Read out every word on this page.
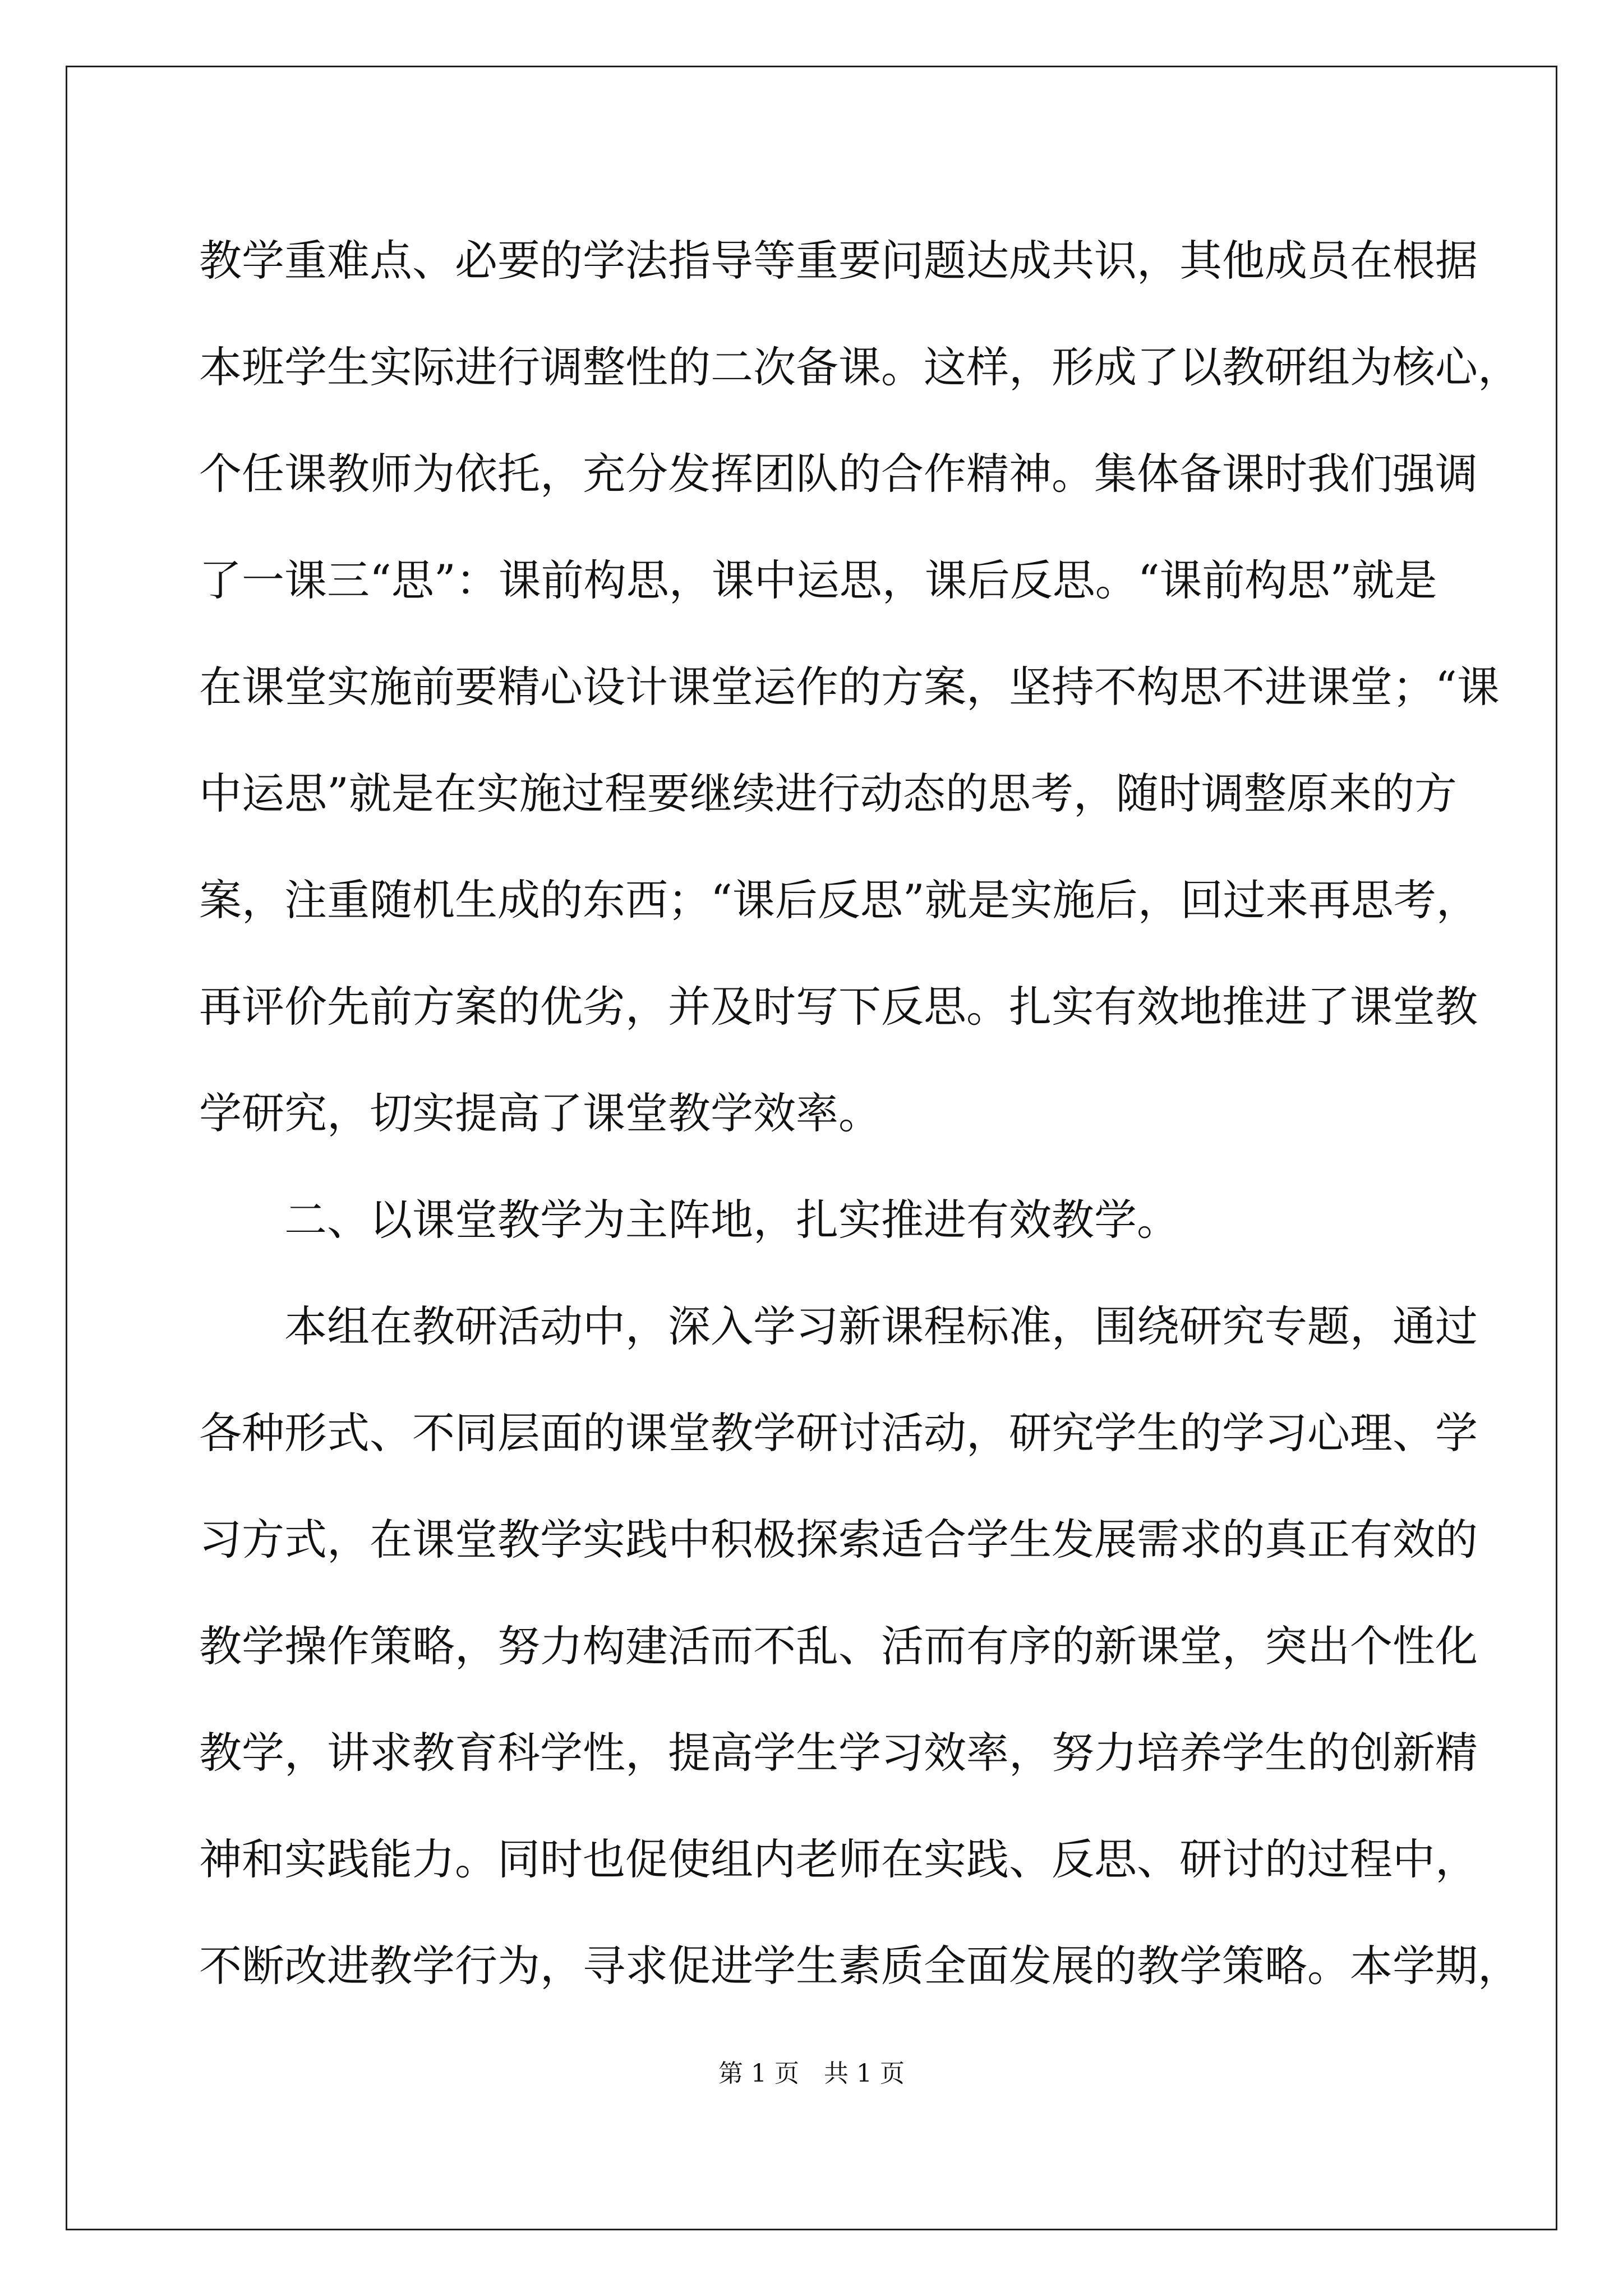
教学重难点、必要的学法指导等重要问题达成共识，其他成员在根据
本班学生实际进行调整性的二次备课。这样，形成了以教研组为核心，
个任课教师为依托，充分发挥团队的合作精神。集体备课时我们强调
了一课三“思”：课前构思，课中运思，课后反思。“课前构思”就是
在课堂实施前要精心设计课堂运作的方案，坚持不构思不进课堂；“课
中运思”就是在实施过程要继续进行动态的思考，随时调整原来的方
案，注重随机生成的东西；“课后反思”就是实施后，回过来再思考，
再评价先前方案的优劣，并及时写下反思。扎实有效地推进了课堂教
学研究，切实提高了课堂教学效率。
二、以课堂教学为主阵地，扎实推进有效教学。
本组在教研活动中，深入学习新课程标准，围绕研究专题，通过
各种形式、不同层面的课堂教学研讨活动，研究学生的学习心理、学
习方式，在课堂教学实践中积极探索适合学生发展需求的真正有效的
教学操作策略，努力构建活而不乱、活而有序的新课堂，突出个性化
教学，讲求教育科学性，提高学生学习效率，努力培养学生的创新精
神和实践能力。同时也促使组内老师在实践、反思、研讨的过程中，
不断改进教学行为，寻求促进学生素质全面发展的教学策略。本学期，
第 1 页　共 1 页
